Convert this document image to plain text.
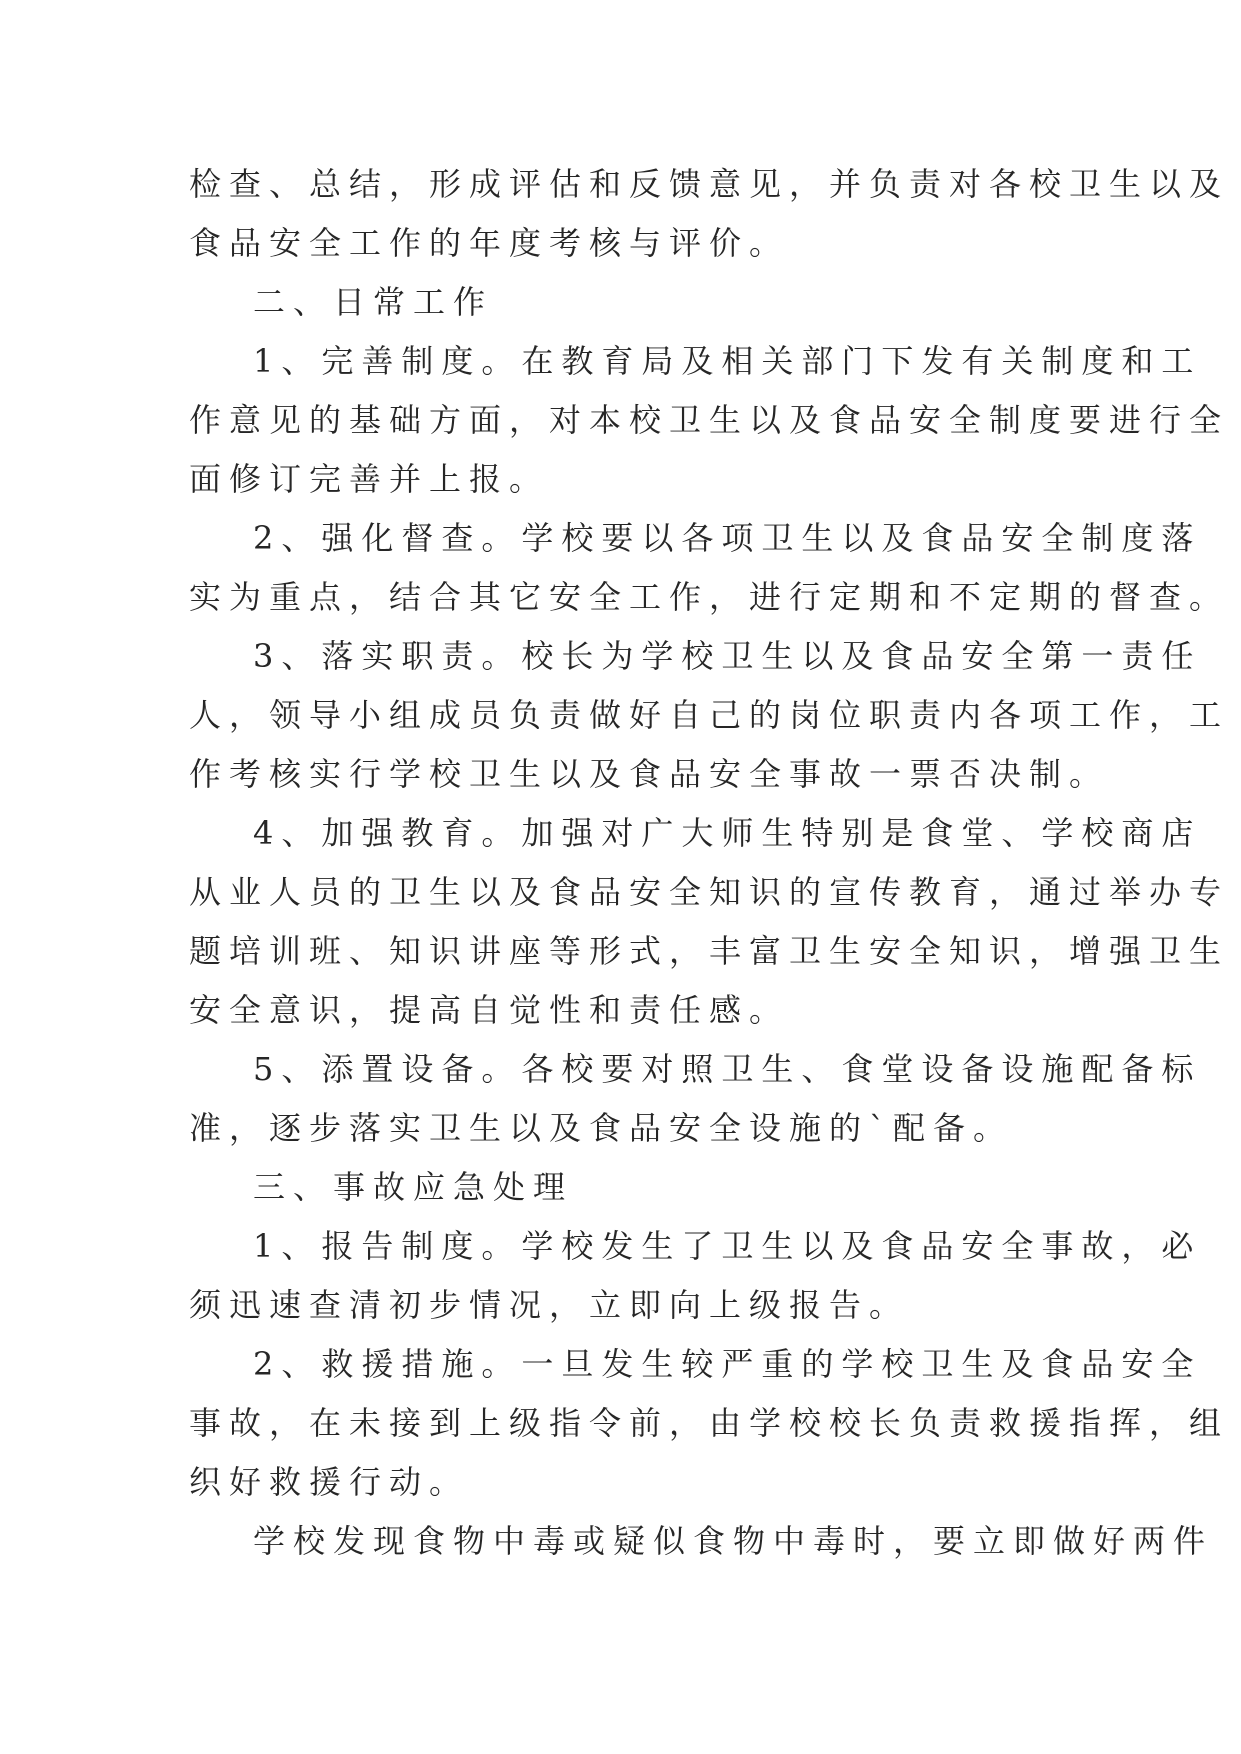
检查、总结，形成评估和反馈意见，并负责对各校卫生以及

食品安全工作的年度考核与评价。

二、日常工作

1、完善制度。在教育局及相关部门下发有关制度和工

作意见的基础方面，对本校卫生以及食品安全制度要进行全

面修订完善并上报。

2、强化督查。学校要以各项卫生以及食品安全制度落

实为重点，结合其它安全工作，进行定期和不定期的督查。

3、落实职责。校长为学校卫生以及食品安全第一责任

人，领导小组成员负责做好自己的岗位职责内各项工作，工

作考核实行学校卫生以及食品安全事故一票否决制。

4、加强教育。加强对广大师生特别是食堂、学校商店

从业人员的卫生以及食品安全知识的宣传教育，通过举办专

题培训班、知识讲座等形式，丰富卫生安全知识，增强卫生

安全意识，提高自觉性和责任感。

5、添置设备。各校要对照卫生、食堂设备设施配备标

准，逐步落实卫生以及食品安全设施的`配备。

三、事故应急处理

1、报告制度。学校发生了卫生以及食品安全事故，必

须迅速查清初步情况，立即向上级报告。

2、救援措施。一旦发生较严重的学校卫生及食品安全

事故，在未接到上级指令前，由学校校长负责救援指挥，组

织好救援行动。

学校发现食物中毒或疑似食物中毒时，要立即做好两件
